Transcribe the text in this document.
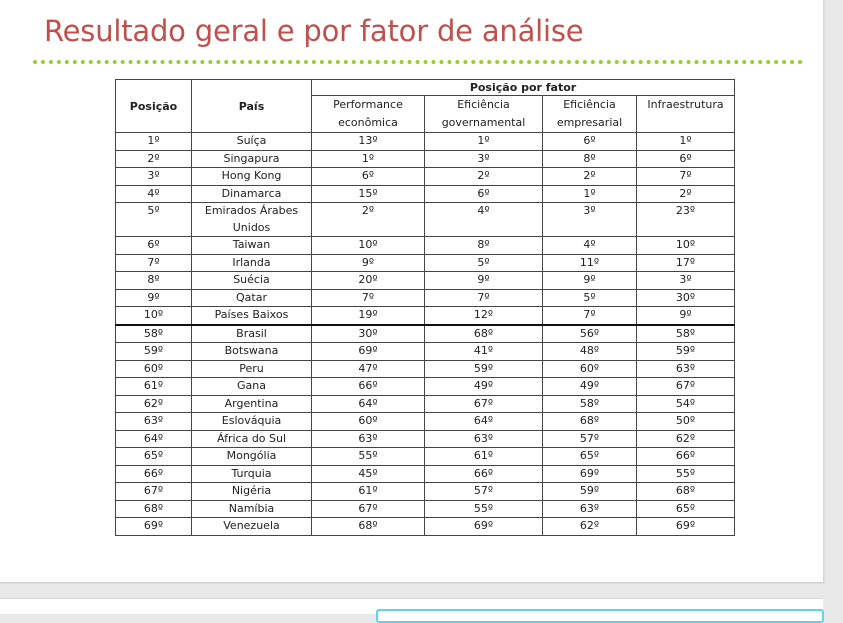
Resultado geral e por fator de análise
Posição	País	Posição por fator			
		Performance econômica	Eficiência governamental	Eficiência empresarial	Infraestrutura
1º	Suíça	13º	1º	6º	1º
2º	Singapura	1º	3º	8º	6º
3º	Hong Kong	6º	2º	2º	7º
4º	Dinamarca	15º	6º	1º	2º
5º	Emirados Árabes Unidos	2º	4º	3º	23º
6º	Taiwan	10º	8º	4º	10º
7º	Irlanda	9º	5º	11º	17º
8º	Suécia	20º	9º	9º	3º
9º	Qatar	7º	7º	5º	30º
10º	Países Baixos	19º	12º	7º	9º
58º	Brasil	30º	68º	56º	58º
59º	Botswana	69º	41º	48º	59º
60º	Peru	47º	59º	60º	63º
61º	Gana	66º	49º	49º	67º
62º	Argentina	64º	67º	58º	54º
63º	Eslováquia	60º	64º	68º	50º
64º	África do Sul	63º	63º	57º	62º
65º	Mongólia	55º	61º	65º	66º
66º	Turquia	45º	66º	69º	55º
67º	Nigéria	61º	57º	59º	68º
68º	Namíbia	67º	55º	63º	65º
69º	Venezuela	68º	69º	62º	69º
